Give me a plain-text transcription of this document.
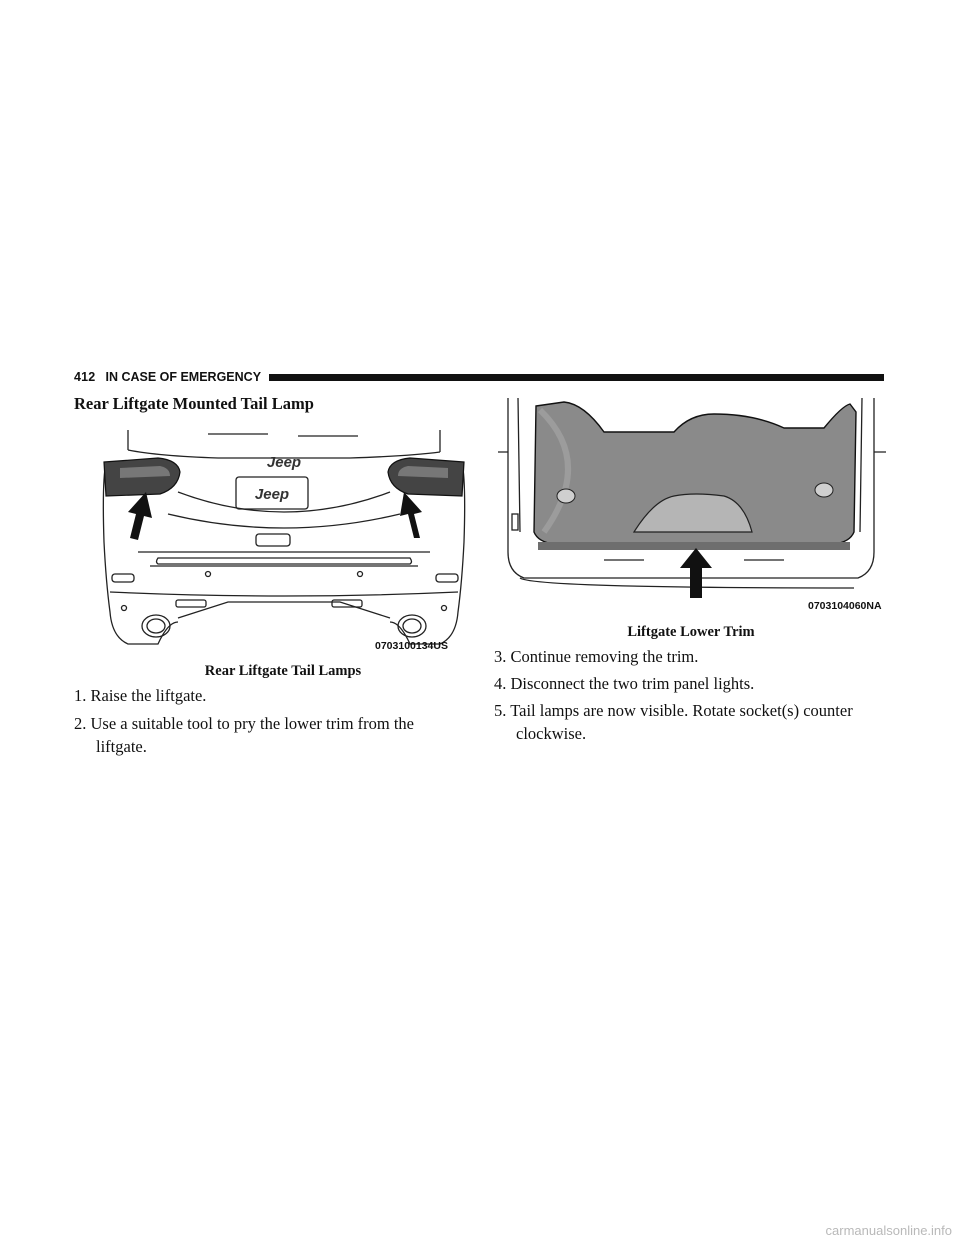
412 IN CASE OF EMERGENCY
Rear Liftgate Mounted Tail Lamp
Jeep
Jeep
0703100134US
Rear Liftgate Tail Lamps
1. Raise the liftgate.
2. Use a suitable tool to pry the lower trim from the
liftgate.
0703104060NA
Liftgate Lower Trim
3. Continue removing the trim.
4. Disconnect the two trim panel lights.
5. Tail lamps are now visible. Rotate socket(s) counter
clockwise.
carmanualsonline.info
